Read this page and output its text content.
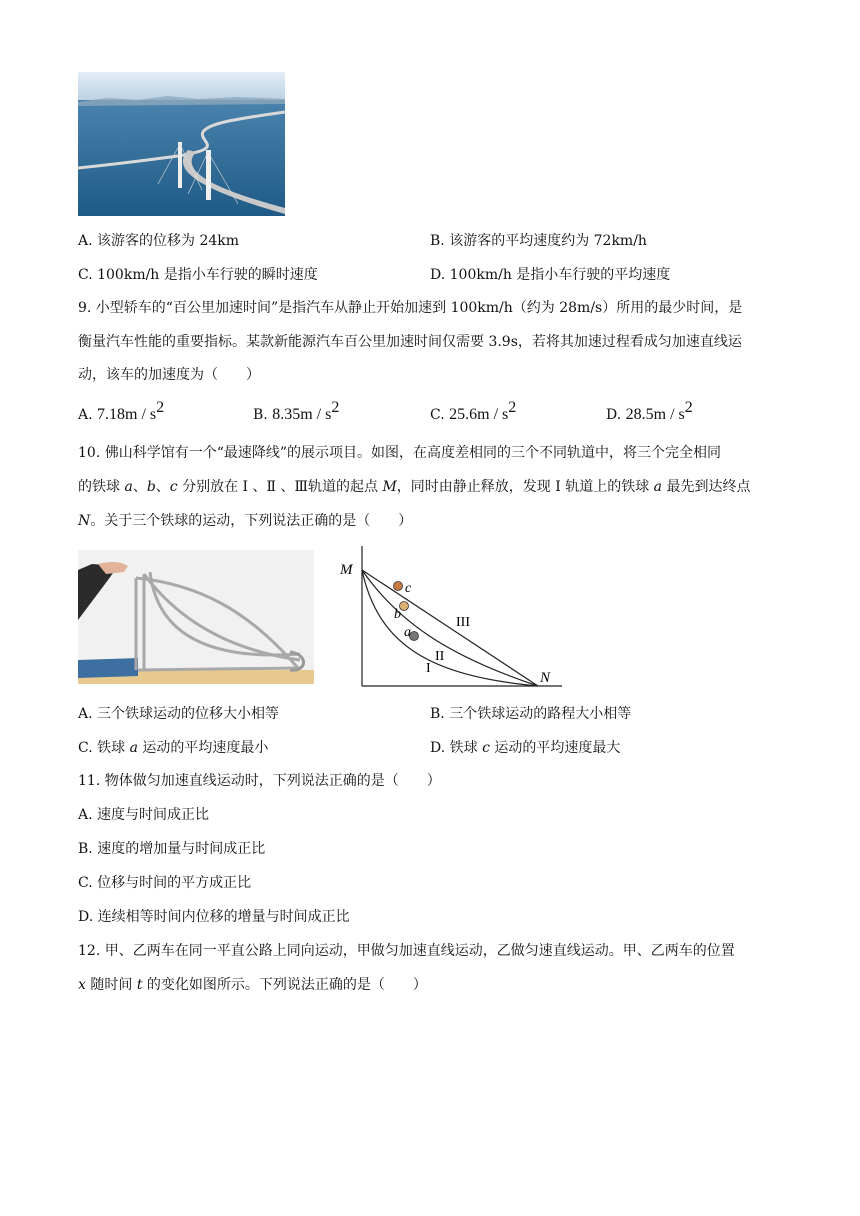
A. 该游客的位移为 24km	B. 该游客的平均速度约为 72km/h
C. 100km/h 是指小车行驶的瞬时速度	D. 100km/h 是指小车行驶的平均速度
9. 小型轿车的“百公里加速时间”是指汽车从静止开始加速到 100km/h（约为 28m/s）所用的最少时间，是
衡量汽车性能的重要指标。某款新能源汽车百公里加速时间仅需要 3.9s，若将其加速过程看成匀加速直线运
动，该车的加速度为（　　）
A. $7.18m / s^2$	B. $8.35m / s^2$	C. $25.6m / s^2$	D. $28.5m / s^2$
10. 佛山科学馆有一个“最速降线”的展示项目。如图，在高度差相同的三个不同轨道中，将三个完全相同
的铁球 a、b、c 分别放在 Ⅰ 、Ⅱ 、Ⅲ轨道的起点 M，同时由静止释放，发现 I 轨道上的铁球 a 最先到达终点
N。关于三个铁球的运动，下列说法正确的是（　　）
M
N
c
b
a
III
II
I
A. 三个铁球运动的位移大小相等	B. 三个铁球运动的路程大小相等
C. 铁球 a 运动的平均速度最小	D. 铁球 c 运动的平均速度最大
11. 物体做匀加速直线运动时，下列说法正确的是（　　）
A. 速度与时间成正比
B. 速度的增加量与时间成正比
C. 位移与时间的平方成正比
D. 连续相等时间内位移的增量与时间成正比
12. 甲、乙两车在同一平直公路上同向运动，甲做匀加速直线运动，乙做匀速直线运动。甲、乙两车的位置
x 随时间 t 的变化如图所示。下列说法正确的是（　　）
